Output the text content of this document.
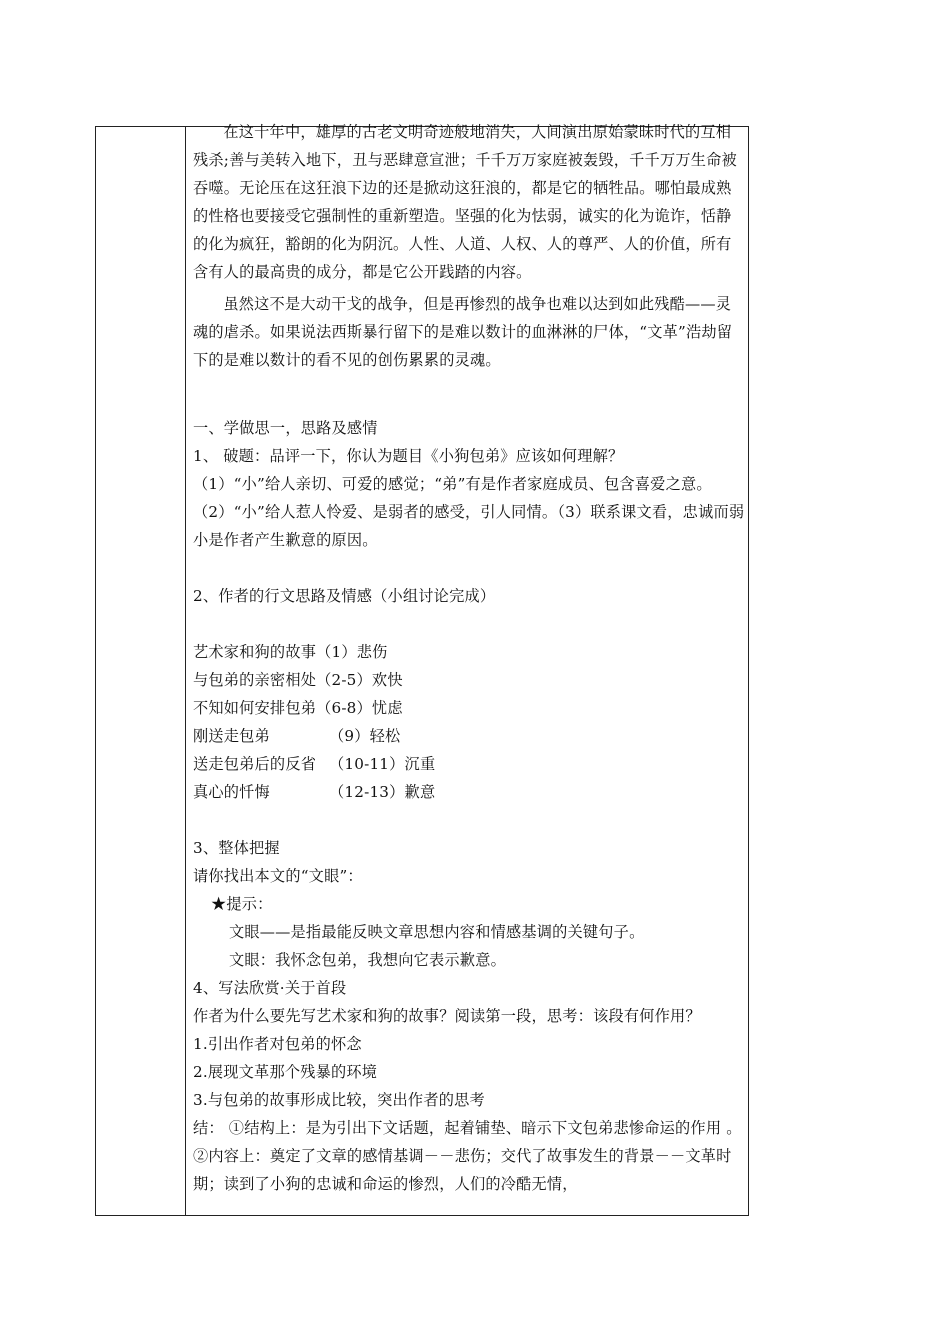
在这十年中，雄厚的古老文明奇迹般地消失，人间演出原始蒙昧时代的互相残杀;善与美转入地下，丑与恶肆意宣泄；千千万万家庭被轰毁，千千万万生命被吞噬。无论压在这狂浪下边的还是掀动这狂浪的，都是它的牺牲品。哪怕最成熟的性格也要接受它强制性的重新塑造。坚强的化为怯弱，诚实的化为诡诈，恬静的化为疯狂，豁朗的化为阴沉。人性、人道、人权、人的尊严、人的价值，所有含有人的最高贵的成分，都是它公开践踏的内容。

虽然这不是大动干戈的战争，但是再惨烈的战争也难以达到如此残酷——灵魂的虐杀。如果说法西斯暴行留下的是难以数计的血淋淋的尸体，“文革”浩劫留下的是难以数计的看不见的创伤累累的灵魂。

一、学做思一，思路及感情

1、 破题：品评一下，你认为题目《小狗包弟》应该如何理解？

（1）“小”给人亲切、可爱的感觉；“弟”有是作者家庭成员、包含喜爱之意。（2）“小”给人惹人怜爱、是弱者的感受，引人同情。（3）联系课文看，忠诚而弱小是作者产生歉意的原因。

2、作者的行文思路及情感（小组讨论完成）

艺术家和狗的故事（1）悲伤
与包弟的亲密相处（2-5）欢快
不知如何安排包弟（6-8）忧虑
刚送走包弟	（9）轻松
送走包弟后的反省 （10-11）沉重
真心的忏悔	（12-13）歉意

3、整体把握

请你找出本文的“文眼”：

★提示：

文眼——是指最能反映文章思想内容和情感基调的关键句子。

文眼：我怀念包弟，我想向它表示歉意。

4、写法欣赏·关于首段

作者为什么要先写艺术家和狗的故事？阅读第一段，思考：该段有何作用？

1.引出作者对包弟的怀念

2.展现文革那个残暴的环境

3.与包弟的故事形成比较，突出作者的思考

结： ①结构上：是为引出下文话题，起着铺垫、暗示下文包弟悲惨命运的作用 。 ②内容上：奠定了文章的感情基调－－悲伤；交代了故事发生的背景－－文革时期；读到了小狗的忠诚和命运的惨烈，人们的冷酷无情，
